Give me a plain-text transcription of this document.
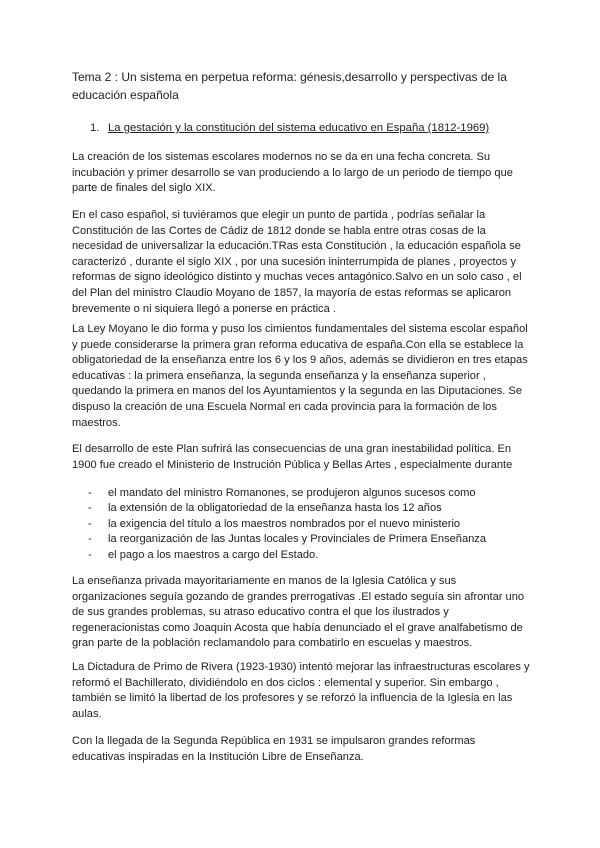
Tema 2 : Un sistema en perpetua reforma: génesis,desarrollo y perspectivas de la educación española
1. La gestación y la constitución del sistema educativo en España (1812-1969)

La creación de los sistemas escolares modernos no se da en una fecha concreta. Su incubación y primer desarrollo se van produciendo a lo largo de un periodo de tiempo que parte de finales del siglo XIX.

En el caso español, si tuviéramos que elegir un punto de partida , podrías señalar la Constitución de las Cortes de Cádiz de 1812 donde se habla entre otras cosas de la necesidad de universalizar la educación.TRas esta Constitución , la educación española se caracterizó , durante el siglo XIX , por una sucesión ininterrumpida de planes , proyectos y reformas de signo ideológico distinto y muchas veces antagónico.Salvo en un solo caso , el del Plan del ministro Claudio Moyano de 1857, la mayoría de estas reformas se aplicaron brevemente o ni siquiera llegó a ponerse en práctica .

La Ley Moyano le dio forma y puso los cimientos fundamentales del sistema escolar español y puede considerarse la primera gran reforma educativa de españa.Con ella se establece la obligatoriedad de la enseñanza entre los 6 y los 9 años, además se dividieron en tres etapas educativas : la primera enseñanza, la segunda enseñanza y la enseñanza superior , quedando la primera en manos del los Ayuntamientos y la segunda en las Diputaciones. Se dispuso la creación de una Escuela Normal en cada provincia para la formación de los maestros.

El desarrollo de este Plan sufrirá las consecuencias de una gran inestabilidad política. En 1900 fue creado el Ministerio de Instrución Pública y Bellas Artes , especialmente durante

- el mandato del ministro Romanones, se produjeron algunos sucesos como
- la extensión de la obligatoriedad de la enseñanza hasta los 12 años
- la exigencia del título a los maestros nombrados por el nuevo ministerio
- la reorganización de las Juntas locales y Provinciales de Primera Enseñanza
- el pago a los maestros a cargo del Estado.

La enseñanza privada mayoritariamente en manos de la Iglesia Católica y sus organizaciones seguía gozando de grandes prerrogativas .El estado seguía sin afrontar uno de sus grandes problemas, su atraso educativo contra el que los ilustrados y regeneracionistas como Joaquin Acosta que había denunciado el el grave analfabetismo de gran parte de la población reclamandolo para combatirlo en escuelas y maestros.

La Dictadura de Primo de Rivera (1923-1930) intentó mejorar las infraestructuras escolares y reformó el Bachillerato, dividiéndolo en dos ciclos : elemental y superior. Sin embargo , también se limitó la libertad de los profesores y se reforzó la influencia de la Iglesia en las aulas.

Con la llegada de la Segunda República en 1931 se impulsaron grandes reformas educativas inspiradas en la Institución Libre de Enseñanza.
